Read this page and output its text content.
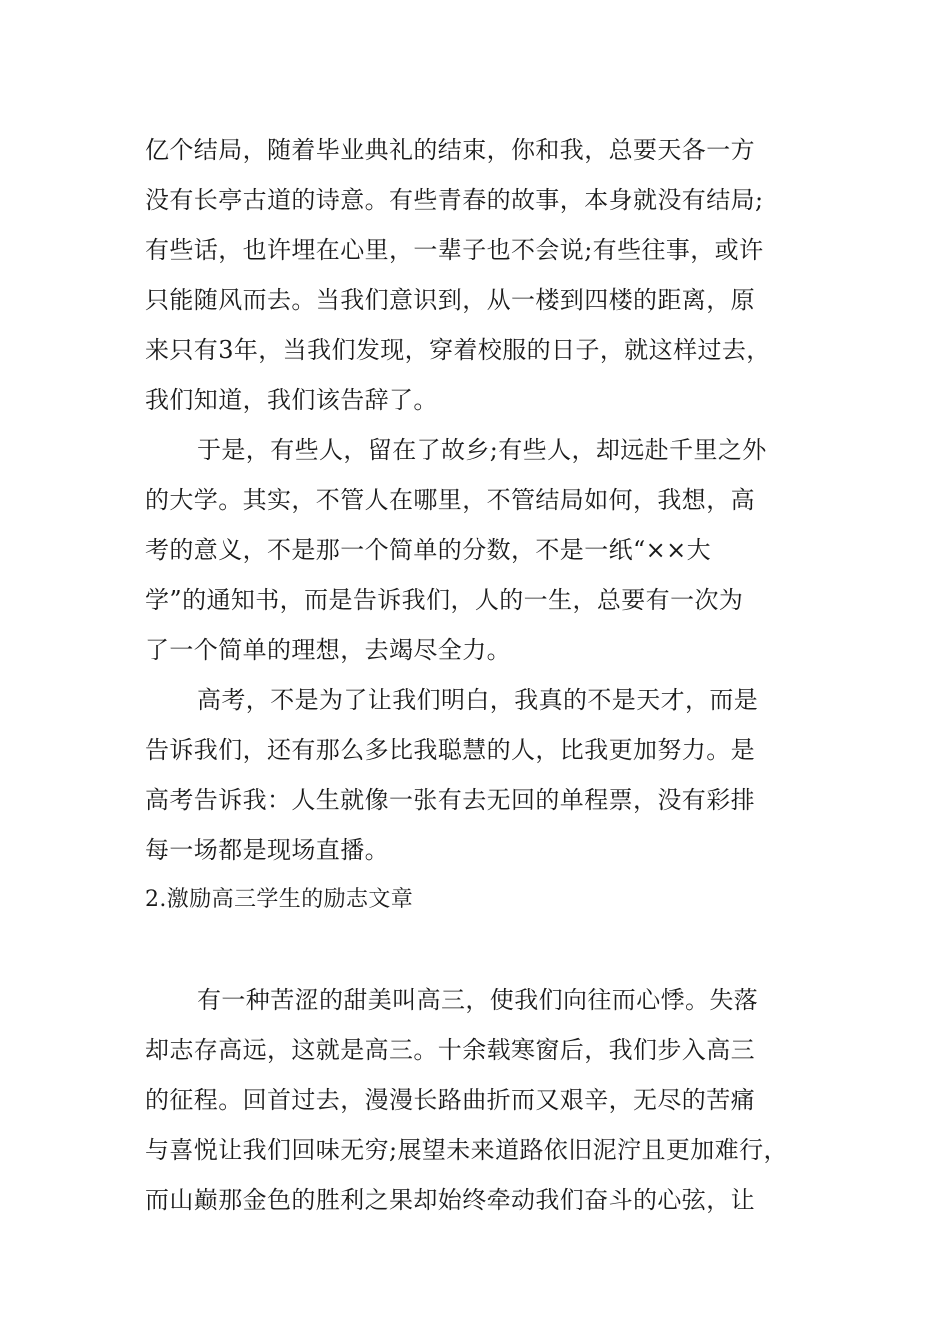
亿个结局，随着毕业典礼的结束，你和我，总要天各一方

没有长亭古道的诗意。有些青春的故事，本身就没有结局;

有些话，也许埋在心里，一辈子也不会说;有些往事，或许

只能随风而去。当我们意识到，从一楼到四楼的距离，原

来只有3年，当我们发现，穿着校服的日子，就这样过去，

我们知道，我们该告辞了。

于是，有些人，留在了故乡;有些人，却远赴千里之外

的大学。其实，不管人在哪里，不管结局如何，我想，高

考的意义，不是那一个简单的分数，不是一纸“××大

学”的通知书，而是告诉我们，人的一生，总要有一次为

了一个简单的理想，去竭尽全力。

高考，不是为了让我们明白，我真的不是天才，而是

告诉我们，还有那么多比我聪慧的人，比我更加努力。是

高考告诉我：人生就像一张有去无回的单程票，没有彩排

每一场都是现场直播。

2.激励高三学生的励志文章

有一种苦涩的甜美叫高三，使我们向往而心悸。失落

却志存高远，这就是高三。十余载寒窗后，我们步入高三

的征程。回首过去，漫漫长路曲折而又艰辛，无尽的苦痛

与喜悦让我们回味无穷;展望未来道路依旧泥泞且更加难行，

而山巅那金色的胜利之果却始终牵动我们奋斗的心弦，让
